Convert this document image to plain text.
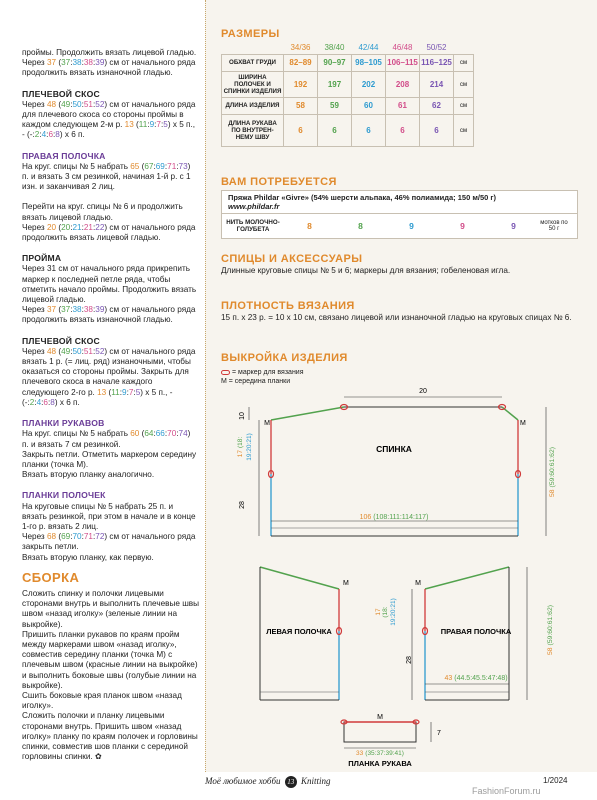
проймы. Продолжить вязать лицевой гладью.
Через 37 (37:38:38:39) см от начального ряда продолжить вязать изнаночной гладью.

ПЛЕЧЕВОЙ СКОС

Через 48 (49:50:51:52) см от начального ряда для плечевого скоса со стороны проймы в каждом следующем 2-м р. 13 (11:9:7:5) х 5 п., - (-:2:4:6:8) х 6 п.

ПРАВАЯ ПОЛОЧКА

На круг. спицы № 5 набрать 65 (67:69:71:73) п. и вязать 3 см резинкой, начиная 1-й р. с 1 изн. и заканчивая 2 лиц.

Перейти на круг. спицы № 6 и продолжить вязать лицевой гладью.
Через 20 (20:21:21:22) см от начального ряда продолжить вязать лицевой гладью.

ПРОЙМА

Через 31 см от начального ряда прикрепить маркер к последней петле ряда, чтобы отметить начало проймы. Продолжить вязать лицевой гладью.
Через 37 (37:38:38:39) см от начального ряда продолжить вязать изнаночной гладью.

ПЛЕЧЕВОЙ СКОС

Через 48 (49:50:51:52) см от начального ряда вязать 1 р. (= лиц. ряд) изнаночными, чтобы оказаться со стороны проймы. Закрыть для плечевого скоса в начале каждого следующего 2-го р. 13 (11:9:7:5) х 5 п., - (-:2:4:6:8) х 6 п.

ПЛАНКИ РУКАВОВ

На круг. спицы № 5 набрать 60 (64:66:70:74) п. и вязать 7 см резинкой.
Закрыть петли. Отметить маркером середину планки (точка М).
Вязать вторую планку аналогично.

ПЛАНКИ ПОЛОЧЕК

На круговые спицы № 5 набрать 25 п. и вязать резинкой, при этом в начале и в конце 1-го р. вязать 2 лиц.
Через 68 (69:70:71:72) см от начального ряда закрыть петли.
Вязать вторую планку, как первую.

СБОРКА

Сложить спинку и полочки лицевыми сторонами внутрь и выполнить плечевые швы швом «назад иголку» (зеленые линии на выкройке).
Пришить планки рукавов по краям пройм между маркерами швом «назад иголку», совместив середину планки (точка М) с плечевым швом (красные линии на выкройке) и выполнить боковые швы (голубые линии на выкройке).
Сшить боковые края планок швом «назад иголку».
Сложить полочки и планку лицевыми сторонами внутрь. Пришить швом «назад иголку» планку по краям полочек и горловины спинки, совместив шов планки с серединой горловины спинки. ✿

РАЗМЕРЫ
	34/36	38/40	42/44	46/48	50/52	
ОБХВАТ ГРУДИ	82–89	90–97	98–105	106–115	116–125	см
ШИРИНА ПОЛОЧЕК И СПИНКИ ИЗДЕЛИЯ	192	197	202	208	214	см
ДЛИНА ИЗДЕЛИЯ	58	59	60	61	62	см
ДЛИНА РУКАВА ПО ВНУТРЕН-НЕМУ ШВУ	6	6	6	6	6	см
ВАМ ПОТРЕБУЕТСЯ
Пряжа Phildar «Givre» (54% шерсти альпака, 46% полиамида; 150 м/50 г)
www.phildar.fr
НИТЬ МОЛОЧНО-ГОЛУБЕТА	8	8	9	9	9	мотков по 50 г
СПИЦЫ И АКСЕССУАРЫ
Длинные круговые спицы № 5 и 6; маркеры для вязания; гобеленовая игла.
ПЛОТНОСТЬ ВЯЗАНИЯ
15 п. x 23 р. = 10 x 10 см, связано лицевой или изнаночной гладью на круговых спицах № 6.
ВЫКРОЙКА ИЗДЕЛИЯ
= маркер для вязания
M = середина планки
M	M
СПИНКА
20
10
17(18: 19:20:21)
28
58(59:60:61:62)
106 (108:111:114:117)
M
ЛЕВАЯ ПОЛОЧКА
M
ПРАВАЯ ПОЛОЧКА
17 (18: 19:20:21)
28
58(59:60:61:62)
43 (44.5:45.5:47:48)
M
7
33 (35:37:39:41)
ПЛАНКА РУКАВА
Моё любимое хобби 13 Knitting	1/2024
FashionForum.ru
